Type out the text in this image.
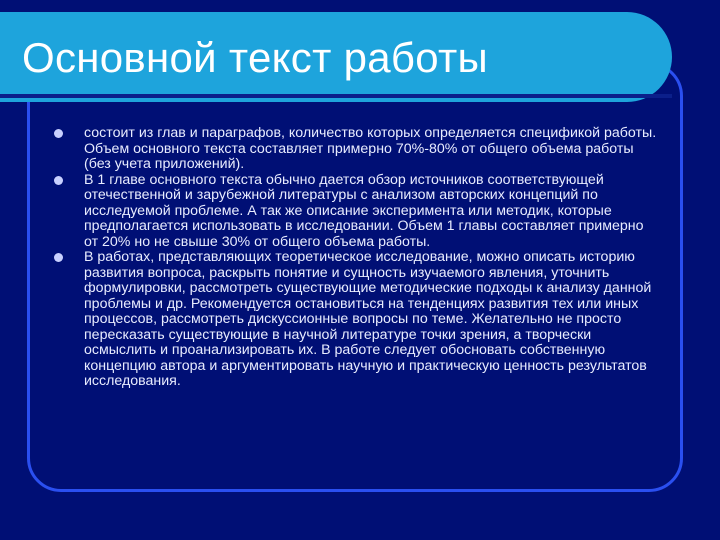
Основной текст работы

состоит из глав и параграфов, количество которых определяется спецификой работы. Объем основного текста составляет примерно 70%-80% от общего объема работы (без учета приложений).

В 1 главе основного текста обычно дается обзор источников соответствующей отечественной и зарубежной литературы с анализом авторских концепций по исследуемой проблеме. А так же описание эксперимента или методик, которые предполагается использовать в исследовании. Объем 1 главы составляет примерно от 20% но не свыше 30% от общего объема работы.

В работах, представляющих теоретическое исследование, можно описать историю развития вопроса, раскрыть понятие и сущность изучаемого явления, уточнить формулировки, рассмотреть существующие методические подходы к анализу данной проблемы и др. Рекомендуется остановиться на тенденциях развития тех или иных процессов, рассмотреть дискуссионные вопросы по теме. Желательно не просто пересказать существующие в научной литературе точки зрения, а творчески осмыслить и проанализировать их. В работе следует обосновать собственную концепцию автора и аргументировать научную и практическую ценность результатов исследования.
